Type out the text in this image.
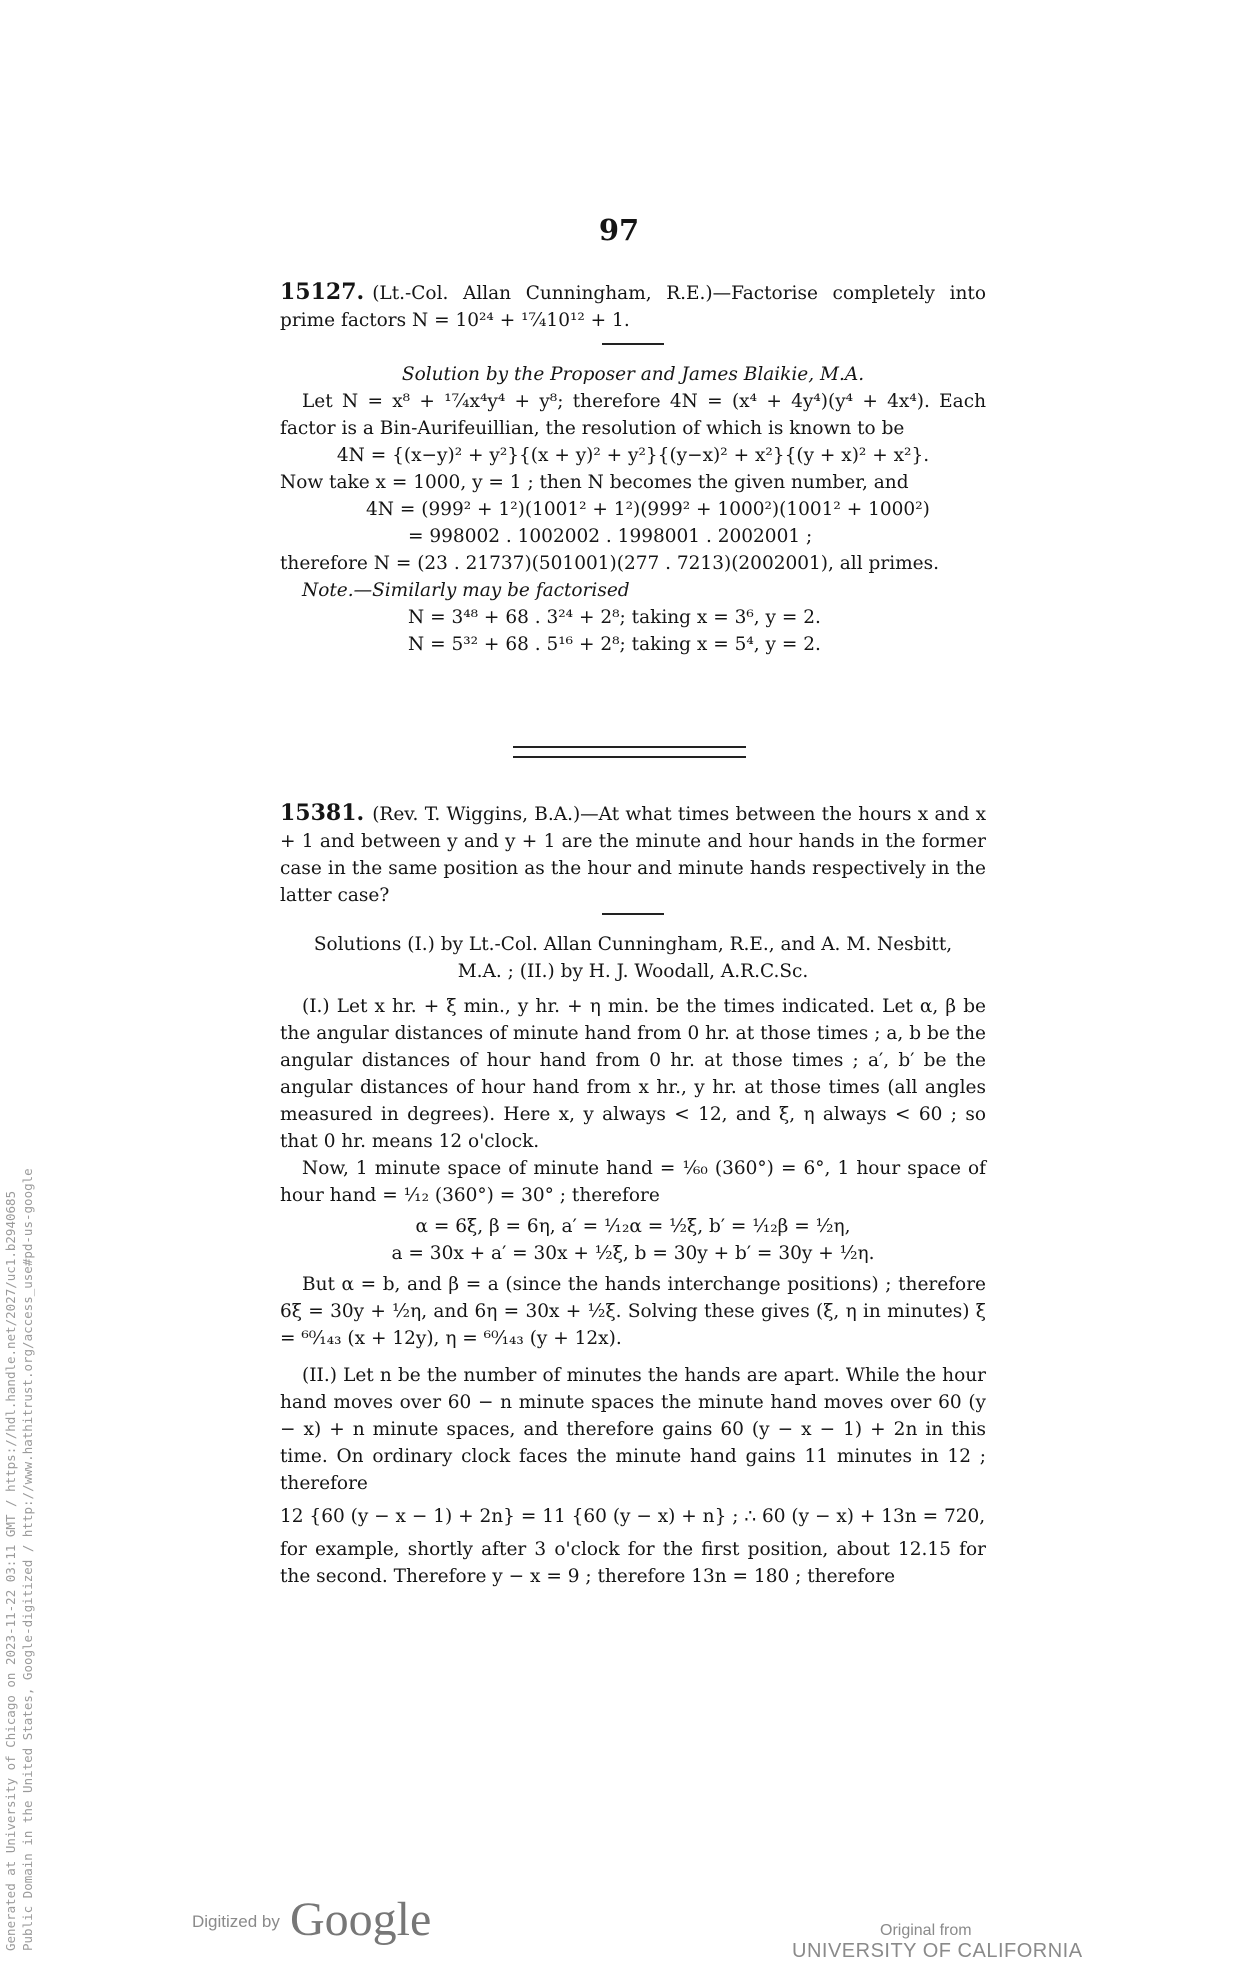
97

15127. (Lt.-Col. Allan Cunningham, R.E.)—Factorise completely into prime factors N = 10²⁴ + ¹⁷⁄₄10¹² + 1.

Solution by the Proposer and James Blaikie, M.A.

Let N = x⁸ + ¹⁷⁄₄x⁴y⁴ + y⁸; therefore 4N = (x⁴ + 4y⁴)(y⁴ + 4x⁴). Each factor is a Bin-Aurifeuillian, the resolution of which is known to be

4N = {(x−y)² + y²}{(x + y)² + y²}{(y−x)² + x²}{(y + x)² + x²}.

Now take x = 1000, y = 1 ; then N becomes the given number, and

4N = (999² + 1²)(1001² + 1²)(999² + 1000²)(1001² + 1000²)

= 998002 . 1002002 . 1998001 . 2002001 ;

therefore N = (23 . 21737)(501001)(277 . 7213)(2002001), all primes.

Note.—Similarly may be factorised

N = 3⁴⁸ + 68 . 3²⁴ + 2⁸; taking x = 3⁶, y = 2.

N = 5³² + 68 . 5¹⁶ + 2⁸; taking x = 5⁴, y = 2.

15381. (Rev. T. Wiggins, B.A.)—At what times between the hours x and x + 1 and between y and y + 1 are the minute and hour hands in the former case in the same position as the hour and minute hands respectively in the latter case?

Solutions (I.) by Lt.-Col. Allan Cunningham, R.E., and A. M. Nesbitt,

M.A. ; (II.) by H. J. Woodall, A.R.C.Sc.

(I.) Let x hr. + ξ min., y hr. + η min. be the times indicated. Let α, β be the angular distances of minute hand from 0 hr. at those times ; a, b be the angular distances of hour hand from 0 hr. at those times ; a′, b′ be the angular distances of hour hand from x hr., y hr. at those times (all angles measured in degrees). Here x, y always < 12, and ξ, η always < 60 ; so that 0 hr. means 12 o'clock.

Now, 1 minute space of minute hand = ¹⁄₆₀ (360°) = 6°, 1 hour space of hour hand = ¹⁄₁₂ (360°) = 30° ; therefore

α = 6ξ, β = 6η, a′ = ¹⁄₁₂α = ½ξ, b′ = ¹⁄₁₂β = ½η,

a = 30x + a′ = 30x + ½ξ, b = 30y + b′ = 30y + ½η.

But α = b, and β = a (since the hands interchange positions) ; therefore 6ξ = 30y + ½η, and 6η = 30x + ½ξ. Solving these gives (ξ, η in minutes) ξ = ⁶⁰⁄₁₄₃ (x + 12y), η = ⁶⁰⁄₁₄₃ (y + 12x).

(II.) Let n be the number of minutes the hands are apart. While the hour hand moves over 60 − n minute spaces the minute hand moves over 60 (y − x) + n minute spaces, and therefore gains 60 (y − x − 1) + 2n in this time. On ordinary clock faces the minute hand gains 11 minutes in 12 ; therefore

12 {60 (y − x − 1) + 2n} = 11 {60 (y − x) + n} ; ∴ 60 (y − x) + 13n = 720,

for example, shortly after 3 o'clock for the first position, about 12.15 for the second. Therefore y − x = 9 ; therefore 13n = 180 ; therefore

Generated at University of Chicago on 2023-11-22 03:11 GMT / https://hdl.handle.net/2027/uc1.b2940685 Public Domain in the United States, Google-digitized / http://www.hathitrust.org/access_use#pd-us-google	Digitized by Google	Original from
UNIVERSITY OF CALIFORNIA
